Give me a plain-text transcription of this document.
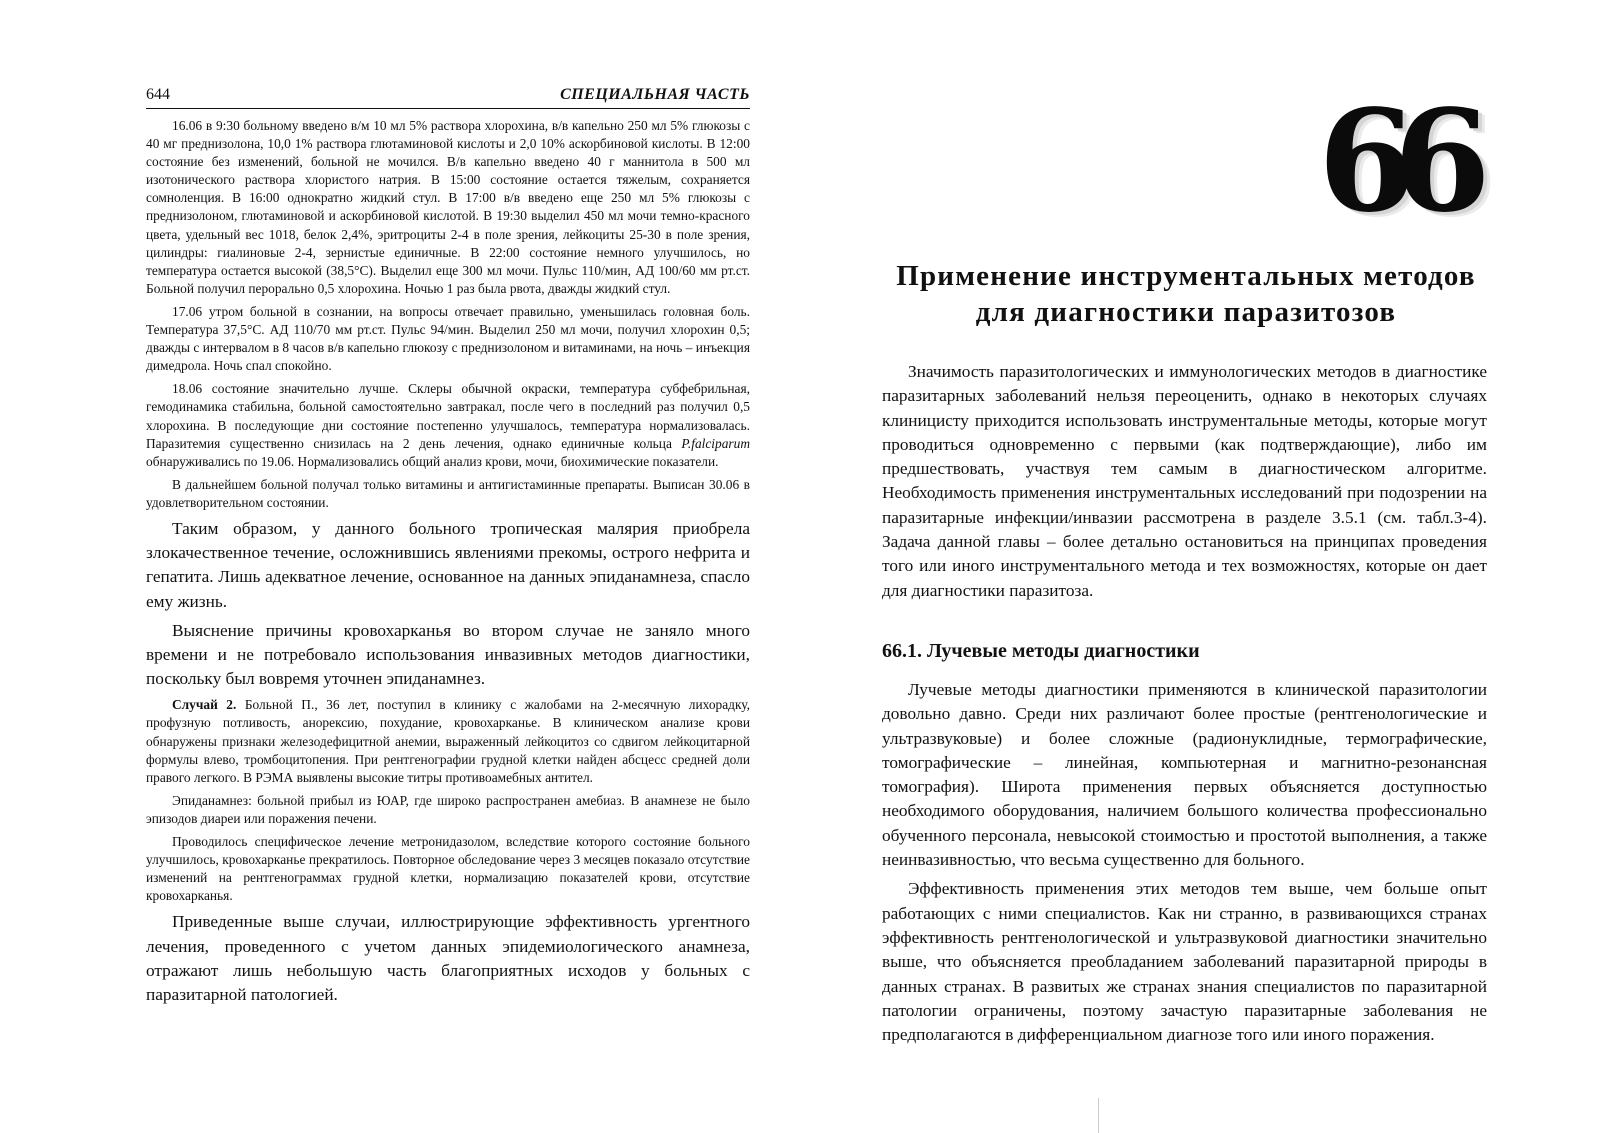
644	СПЕЦИАЛЬНАЯ ЧАСТЬ

16.06 в 9:30 больному введено в/м 10 мл 5% раствора хлорохина, в/в капельно 250 мл 5% глюкозы с 40 мг преднизолона, 10,0 1% раствора глютаминовой кислоты и 2,0 10% аскорбиновой кислоты. В 12:00 состояние без изменений, больной не мочился. В/в капельно введено 40 г маннитола в 500 мл изотонического раствора хлористого натрия. В 15:00 состояние остается тяжелым, сохраняется сомноленция. В 16:00 однократно жидкий стул. В 17:00 в/в введено еще 250 мл 5% глюкозы с преднизолоном, глютаминовой и аскорбиновой кислотой. В 19:30 выделил 450 мл мочи темно-красного цвета, удельный вес 1018, белок 2,4%, эритроциты 2-4 в поле зрения, лейкоциты 25-30 в поле зрения, цилиндры: гиалиновые 2-4, зернистые единичные. В 22:00 состояние немного улучшилось, но температура остается высокой (38,5°С). Выделил еще 300 мл мочи. Пульс 110/мин, АД 100/60 мм рт.ст. Больной получил перорально 0,5 хлорохина. Ночью 1 раз была рвота, дважды жидкий стул.

17.06 утром больной в сознании, на вопросы отвечает правильно, уменьшилась головная боль. Температура 37,5°С. АД 110/70 мм рт.ст. Пульс 94/мин. Выделил 250 мл мочи, получил хлорохин 0,5; дважды с интервалом в 8 часов в/в капельно глюкозу с преднизолоном и витаминами, на ночь – инъекция димедрола. Ночь спал спокойно.

18.06 состояние значительно лучше. Склеры обычной окраски, температура субфебрильная, гемодинамика стабильна, больной самостоятельно завтракал, после чего в последний раз получил 0,5 хлорохина. В последующие дни состояние постепенно улучшалось, температура нормализовалась. Паразитемия существенно снизилась на 2 день лечения, однако единичные кольца P.falciparum обнаруживались по 19.06. Нормализовались общий анализ крови, мочи, биохимические показатели.

В дальнейшем больной получал только витамины и антигистаминные препараты. Выписан 30.06 в удовлетворительном состоянии.

Таким образом, у данного больного тропическая малярия приобрела злокачественное течение, осложнившись явлениями прекомы, острого нефрита и гепатита. Лишь адекватное лечение, основанное на данных эпиданамнеза, спасло ему жизнь.

Выяснение причины кровохарканья во втором случае не заняло много времени и не потребовало использования инвазивных методов диагностики, поскольку был вовремя уточнен эпиданамнез.

Случай 2. Больной П., 36 лет, поступил в клинику с жалобами на 2-месячную лихорадку, профузную потливость, анорексию, похудание, кровохарканье. В клиническом анализе крови обнаружены признаки железодефицитной анемии, выраженный лейкоцитоз со сдвигом лейкоцитарной формулы влево, тромбоцитопения. При рентгенографии грудной клетки найден абсцесс средней доли правого легкого. В РЭМА выявлены высокие титры противоамебных антител.

Эпиданамнез: больной прибыл из ЮАР, где широко распространен амебиаз. В анамнезе не было эпизодов диареи или поражения печени.

Проводилось специфическое лечение метронидазолом, вследствие которого состояние больного улучшилось, кровохарканье прекратилось. Повторное обследование через 3 месяцев показало отсутствие изменений на рентгенограммах грудной клетки, нормализацию показателей крови, отсутствие кровохарканья.

Приведенные выше случаи, иллюстрирующие эффективность ургентного лечения, проведенного с учетом данных эпидемиологического анамнеза, отражают лишь небольшую часть благоприятных исходов у больных с паразитарной патологией.

66
Применение инструментальных методов для диагностики паразитозов

Значимость паразитологических и иммунологических методов в диагностике паразитарных заболеваний нельзя переоценить, однако в некоторых случаях клиницисту приходится использовать инструментальные методы, которые могут проводиться одновременно с первыми (как подтверждающие), либо им предшествовать, участвуя тем самым в диагностическом алгоритме. Необходимость применения инструментальных исследований при подозрении на паразитарные инфекции/инвазии рассмотрена в разделе 3.5.1 (см. табл.3-4). Задача данной главы – более детально остановиться на принципах проведения того или иного инструментального метода и тех возможностях, которые он дает для диагностики паразитоза.

66.1. Лучевые методы диагностики

Лучевые методы диагностики применяются в клинической паразитологии довольно давно. Среди них различают более простые (рентгенологические и ультразвуковые) и более сложные (радионуклидные, термографические, томографические – линейная, компьютерная и магнитно-резонансная томография). Широта применения первых объясняется доступностью необходимого оборудования, наличием большого количества профессионально обученного персонала, невысокой стоимостью и простотой выполнения, а также неинвазивностью, что весьма существенно для больного.

Эффективность применения этих методов тем выше, чем больше опыт работающих с ними специалистов. Как ни странно, в развивающихся странах эффективность рентгенологической и ультразвуковой диагностики значительно выше, что объясняется преобладанием заболеваний паразитарной природы в данных странах. В развитых же странах знания специалистов по паразитарной патологии ограничены, поэтому зачастую паразитарные заболевания не предполагаются в дифференциальном диагнозе того или иного поражения.
